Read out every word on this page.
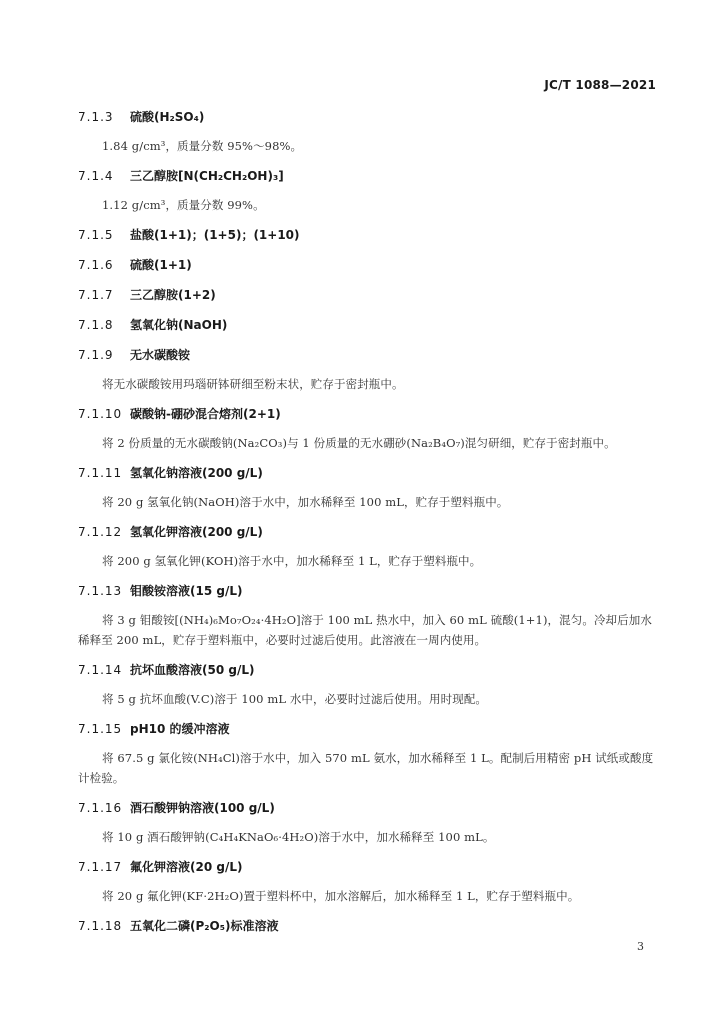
JC/T 1088—2021
7.1.3 硫酸(H₂SO₄)
1.84 g/cm³，质量分数 95%～98%。
7.1.4 三乙醇胺[N(CH₂CH₂OH)₃]
1.12 g/cm³，质量分数 99%。
7.1.5 盐酸(1+1)；(1+5)；(1+10)
7.1.6 硫酸(1+1)
7.1.7 三乙醇胺(1+2)
7.1.8 氢氧化钠(NaOH)
7.1.9 无水碳酸铵
将无水碳酸铵用玛瑙研钵研细至粉末状，贮存于密封瓶中。
7.1.10 碳酸钠-硼砂混合熔剂(2+1)
将 2 份质量的无水碳酸钠(Na₂CO₃)与 1 份质量的无水硼砂(Na₂B₄O₇)混匀研细，贮存于密封瓶中。
7.1.11 氢氧化钠溶液(200 g/L)
将 20 g 氢氧化钠(NaOH)溶于水中，加水稀释至 100 mL，贮存于塑料瓶中。
7.1.12 氢氧化钾溶液(200 g/L)
将 200 g 氢氧化钾(KOH)溶于水中，加水稀释至 1 L，贮存于塑料瓶中。
7.1.13 钼酸铵溶液(15 g/L)
将 3 g 钼酸铵[(NH₄)₆Mo₇O₂₄·4H₂O]溶于 100 mL 热水中，加入 60 mL 硫酸(1+1)，混匀。冷却后加水稀释至 200 mL，贮存于塑料瓶中，必要时过滤后使用。此溶液在一周内使用。
7.1.14 抗坏血酸溶液(50 g/L)
将 5 g 抗坏血酸(V.C)溶于 100 mL 水中，必要时过滤后使用。用时现配。
7.1.15 pH10 的缓冲溶液
将 67.5 g 氯化铵(NH₄Cl)溶于水中，加入 570 mL 氨水，加水稀释至 1 L。配制后用精密 pH 试纸或酸度计检验。
7.1.16 酒石酸钾钠溶液(100 g/L)
将 10 g 酒石酸钾钠(C₄H₄KNaO₆·4H₂O)溶于水中，加水稀释至 100 mL。
7.1.17 氟化钾溶液(20 g/L)
将 20 g 氟化钾(KF·2H₂O)置于塑料杯中，加水溶解后，加水稀释至 1 L，贮存于塑料瓶中。
7.1.18 五氧化二磷(P₂O₅)标准溶液
3
